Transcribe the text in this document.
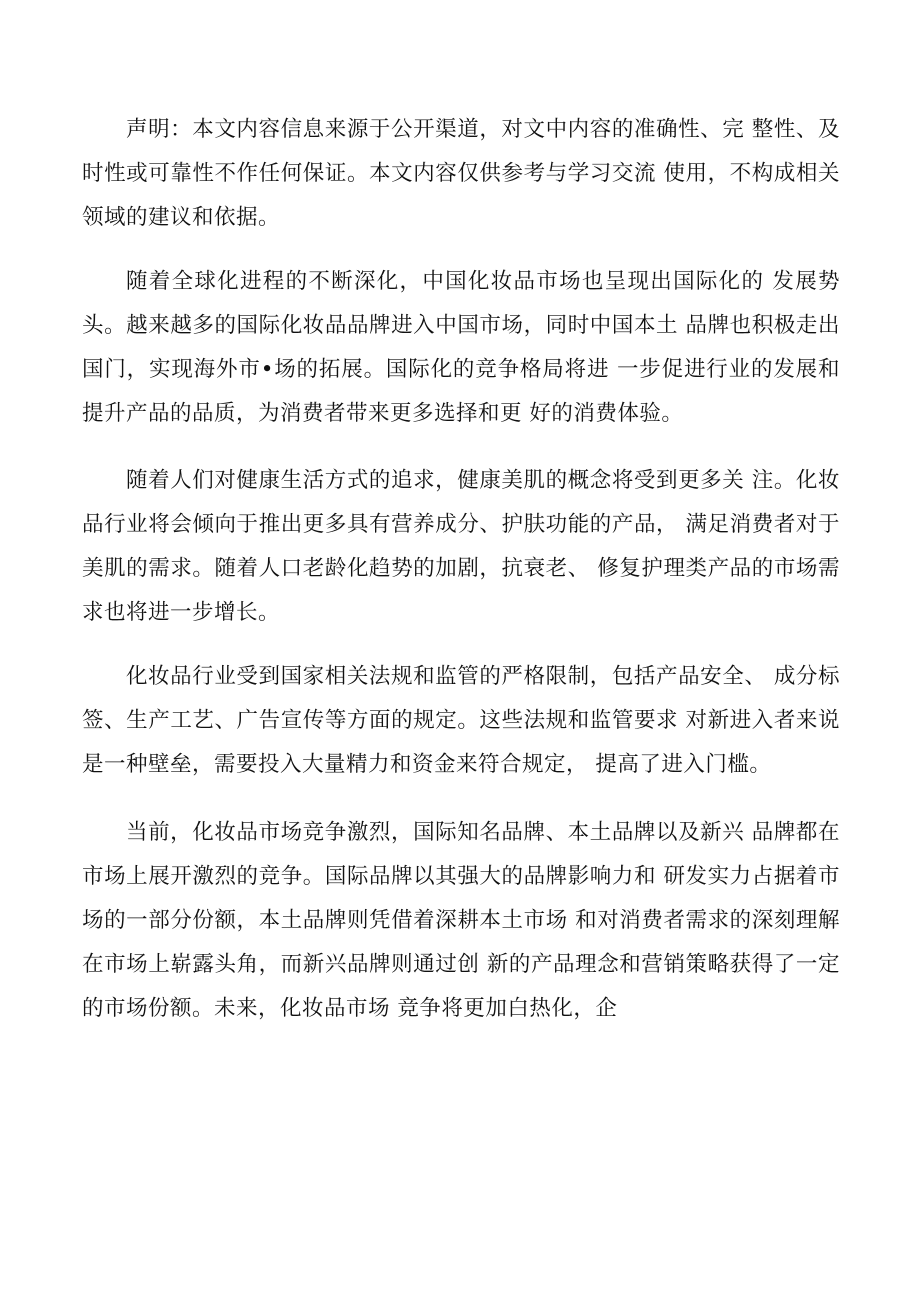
声明：本文内容信息来源于公开渠道，对文中内容的准确性、完 整性、及时性或可靠性不作任何保证。本文内容仅供参考与学习交流 使用，不构成相关领域的建议和依据。

随着全球化进程的不断深化，中国化妆品市场也呈现出国际化的 发展势头。越来越多的国际化妆品品牌进入中国市场，同时中国本土 品牌也积极走出国门，实现海外市•场的拓展。国际化的竞争格局将进 一步促进行业的发展和提升产品的品质，为消费者带来更多选择和更 好的消费体验。

随着人们对健康生活方式的追求，健康美肌的概念将受到更多关 注。化妆品行业将会倾向于推出更多具有营养成分、护肤功能的产品， 满足消费者对于美肌的需求。随着人口老龄化趋势的加剧，抗衰老、 修复护理类产品的市场需求也将进一步增长。

化妆品行业受到国家相关法规和监管的严格限制，包括产品安全、 成分标签、生产工艺、广告宣传等方面的规定。这些法规和监管要求 对新进入者来说是一种壁垒，需要投入大量精力和资金来符合规定， 提高了进入门槛。

当前，化妆品市场竞争激烈，国际知名品牌、本土品牌以及新兴 品牌都在市场上展开激烈的竞争。国际品牌以其强大的品牌影响力和 研发实力占据着市场的一部分份额，本土品牌则凭借着深耕本土市场 和对消费者需求的深刻理解在市场上崭露头角，而新兴品牌则通过创 新的产品理念和营销策略获得了一定的市场份额。未来，化妆品市场 竞争将更加白热化，企
